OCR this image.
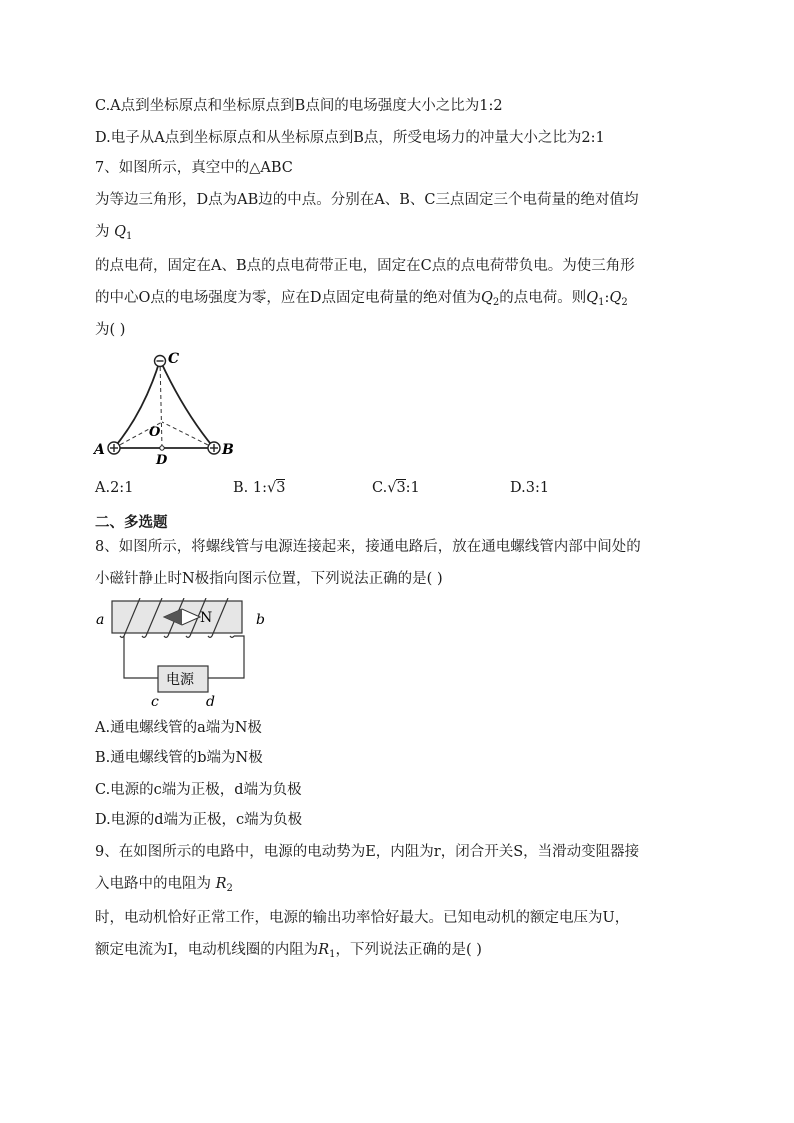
C.A点到坐标原点和坐标原点到B点间的电场强度大小之比为1:2
D.电子从A点到坐标原点和从坐标原点到B点，所受电场力的冲量大小之比为2:1
7、如图所示，真空中的△ABC
为等边三角形，D点为AB边的中点。分别在A、B、C三点固定三个电荷量的绝对值均
为 $Q_1$
的点电荷，固定在A、B点的点电荷带正电，固定在C点的点电荷带负电。为使三角形
的中心O点的电场强度为零，应在D点固定电荷量的绝对值为$Q_2$的点电荷。则$Q_1:Q_2$
为( )
C
A	B
O
D
A.2:1	B. 1:√3	C.√3:1	D.3:1
二、多选题
8、如图所示，将螺线管与电源连接起来，接通电路后，放在通电螺线管内部中间处的
小磁针静止时N极指向图示位置，下列说法正确的是( )
N
电源
a	b
c	d
A.通电螺线管的a端为N极
B.通电螺线管的b端为N极
C.电源的c端为正极，d端为负极
D.电源的d端为正极，c端为负极
9、在如图所示的电路中，电源的电动势为E，内阻为r，闭合开关S，当滑动变阻器接
入电路中的电阻为 $R_2$
时，电动机恰好正常工作，电源的输出功率恰好最大。已知电动机的额定电压为U，
额定电流为I，电动机线圈的内阻为$R_1$，下列说法正确的是( )
